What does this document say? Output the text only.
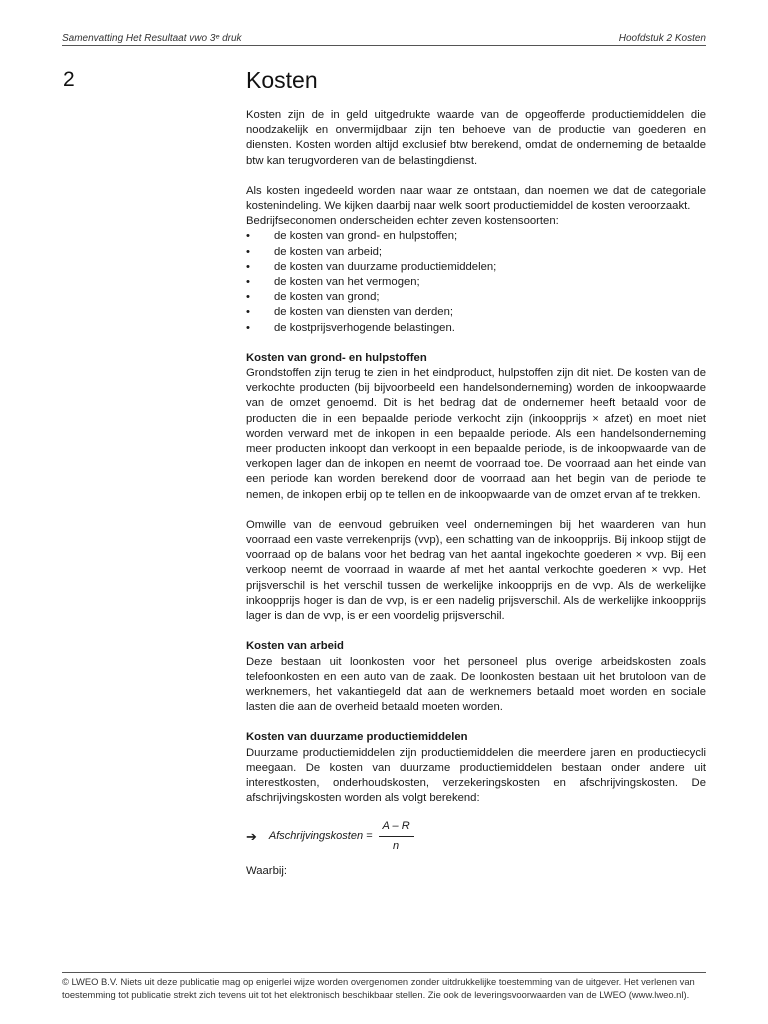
Samenvatting Het Resultaat vwo 3ᵉ druk	Hoofdstuk 2 Kosten
2	Kosten

Kosten zijn de in geld uitgedrukte waarde van de opgeofferde productiemiddelen die noodzakelijk en onvermijdbaar zijn ten behoeve van de productie van goederen en diensten. Kosten worden altijd exclusief btw berekend, omdat de onderneming de betaalde btw kan terugvorderen van de belastingdienst.

Als kosten ingedeeld worden naar waar ze ontstaan, dan noemen we dat de categoriale kostenindeling. We kijken daarbij naar welk soort productiemiddel de kosten veroorzaakt.

Bedrijfseconomen onderscheiden echter zeven kostensoorten:

• de kosten van grond- en hulpstoffen;
• de kosten van arbeid;
• de kosten van duurzame productiemiddelen;
• de kosten van het vermogen;
• de kosten van grond;
• de kosten van diensten van derden;
• de kostprijsverhogende belastingen.
Kosten van grond- en hulpstoffen

Grondstoffen zijn terug te zien in het eindproduct, hulpstoffen zijn dit niet. De kosten van de verkochte producten (bij bijvoorbeeld een handelsonderneming) worden de inkoopwaarde van de omzet genoemd. Dit is het bedrag dat de ondernemer heeft betaald voor de producten die in een bepaalde periode verkocht zijn (inkoopprijs × afzet) en moet niet worden verward met de inkopen in een bepaalde periode. Als een handelsonderneming meer producten inkoopt dan verkoopt in een bepaalde periode, is de inkoopwaarde van de verkopen lager dan de inkopen en neemt de voorraad toe. De voorraad aan het einde van een periode kan worden berekend door de voorraad aan het begin van de periode te nemen, de inkopen erbij op te tellen en de inkoopwaarde van de omzet ervan af te trekken.

Omwille van de eenvoud gebruiken veel ondernemingen bij het waarderen van hun voorraad een vaste verrekenprijs (vvp), een schatting van de inkoopprijs. Bij inkoop stijgt de voorraad op de balans voor het bedrag van het aantal ingekochte goederen × vvp. Bij een verkoop neemt de voorraad in waarde af met het aantal verkochte goederen × vvp. Het prijsverschil is het verschil tussen de werkelijke inkoopprijs en de vvp. Als de werkelijke inkoopprijs hoger is dan de vvp, is er een nadelig prijsverschil. Als de werkelijke inkoopprijs lager is dan de vvp, is er een voordelig prijsverschil.

Kosten van arbeid

Deze bestaan uit loonkosten voor het personeel plus overige arbeidskosten zoals telefoonkosten en een auto van de zaak. De loonkosten bestaan uit het brutoloon van de werknemers, het vakantiegeld dat aan de werknemers betaald moet worden en sociale lasten die aan de overheid betaald moeten worden.

Kosten van duurzame productiemiddelen

Duurzame productiemiddelen zijn productiemiddelen die meerdere jaren en productiecycli meegaan. De kosten van duurzame productiemiddelen bestaan onder andere uit interestkosten, onderhoudskosten, verzekeringskosten en afschrijvingskosten. De afschrijvingskosten worden als volgt berekend:

➔ Afschrijvingskosten = $\frac{A - R}{n}$

Waarbij:

© LWEO B.V. Niets uit deze publicatie mag op enigerlei wijze worden overgenomen zonder uitdrukkelijke toestemming van de uitgever. Het verlenen van toestemming tot publicatie strekt zich tevens uit tot het elektronisch beschikbaar stellen. Zie ook de leveringsvoorwaarden van de LWEO (www.lweo.nl).
